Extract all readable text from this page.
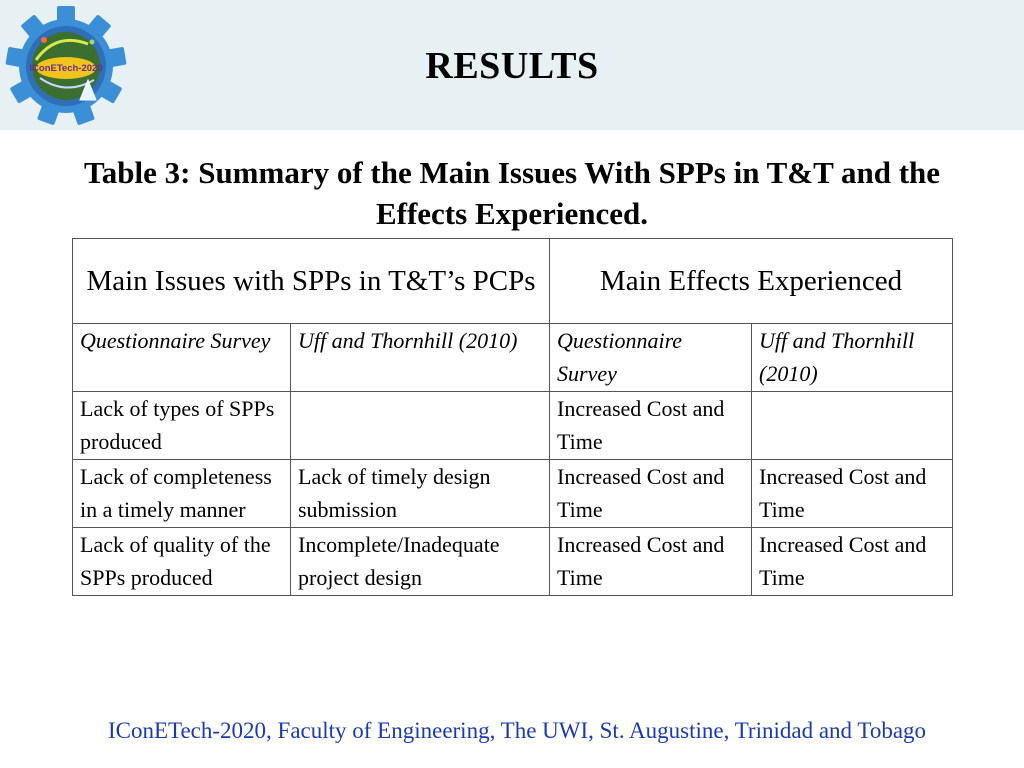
IConETech-2020	RESULTS
Table 3: Summary of the Main Issues With SPPs in T&T and the Effects Experienced.
Main Issues with SPPs in T&T’s PCPs		Main Effects Experienced	
Questionnaire Survey	Uff and Thornhill (2010)	Questionnaire Survey	Uff and Thornhill (2010)
Lack of types of SPPs produced		Increased Cost and Time	
Lack of completeness in a timely manner	Lack of timely design submission	Increased Cost and Time	Increased Cost and Time
Lack of quality of the SPPs produced	Incomplete/Inadequate project design	Increased Cost and Time	Increased Cost and Time
IConETech-2020, Faculty of Engineering, The UWI, St. Augustine, Trinidad and Tobago
